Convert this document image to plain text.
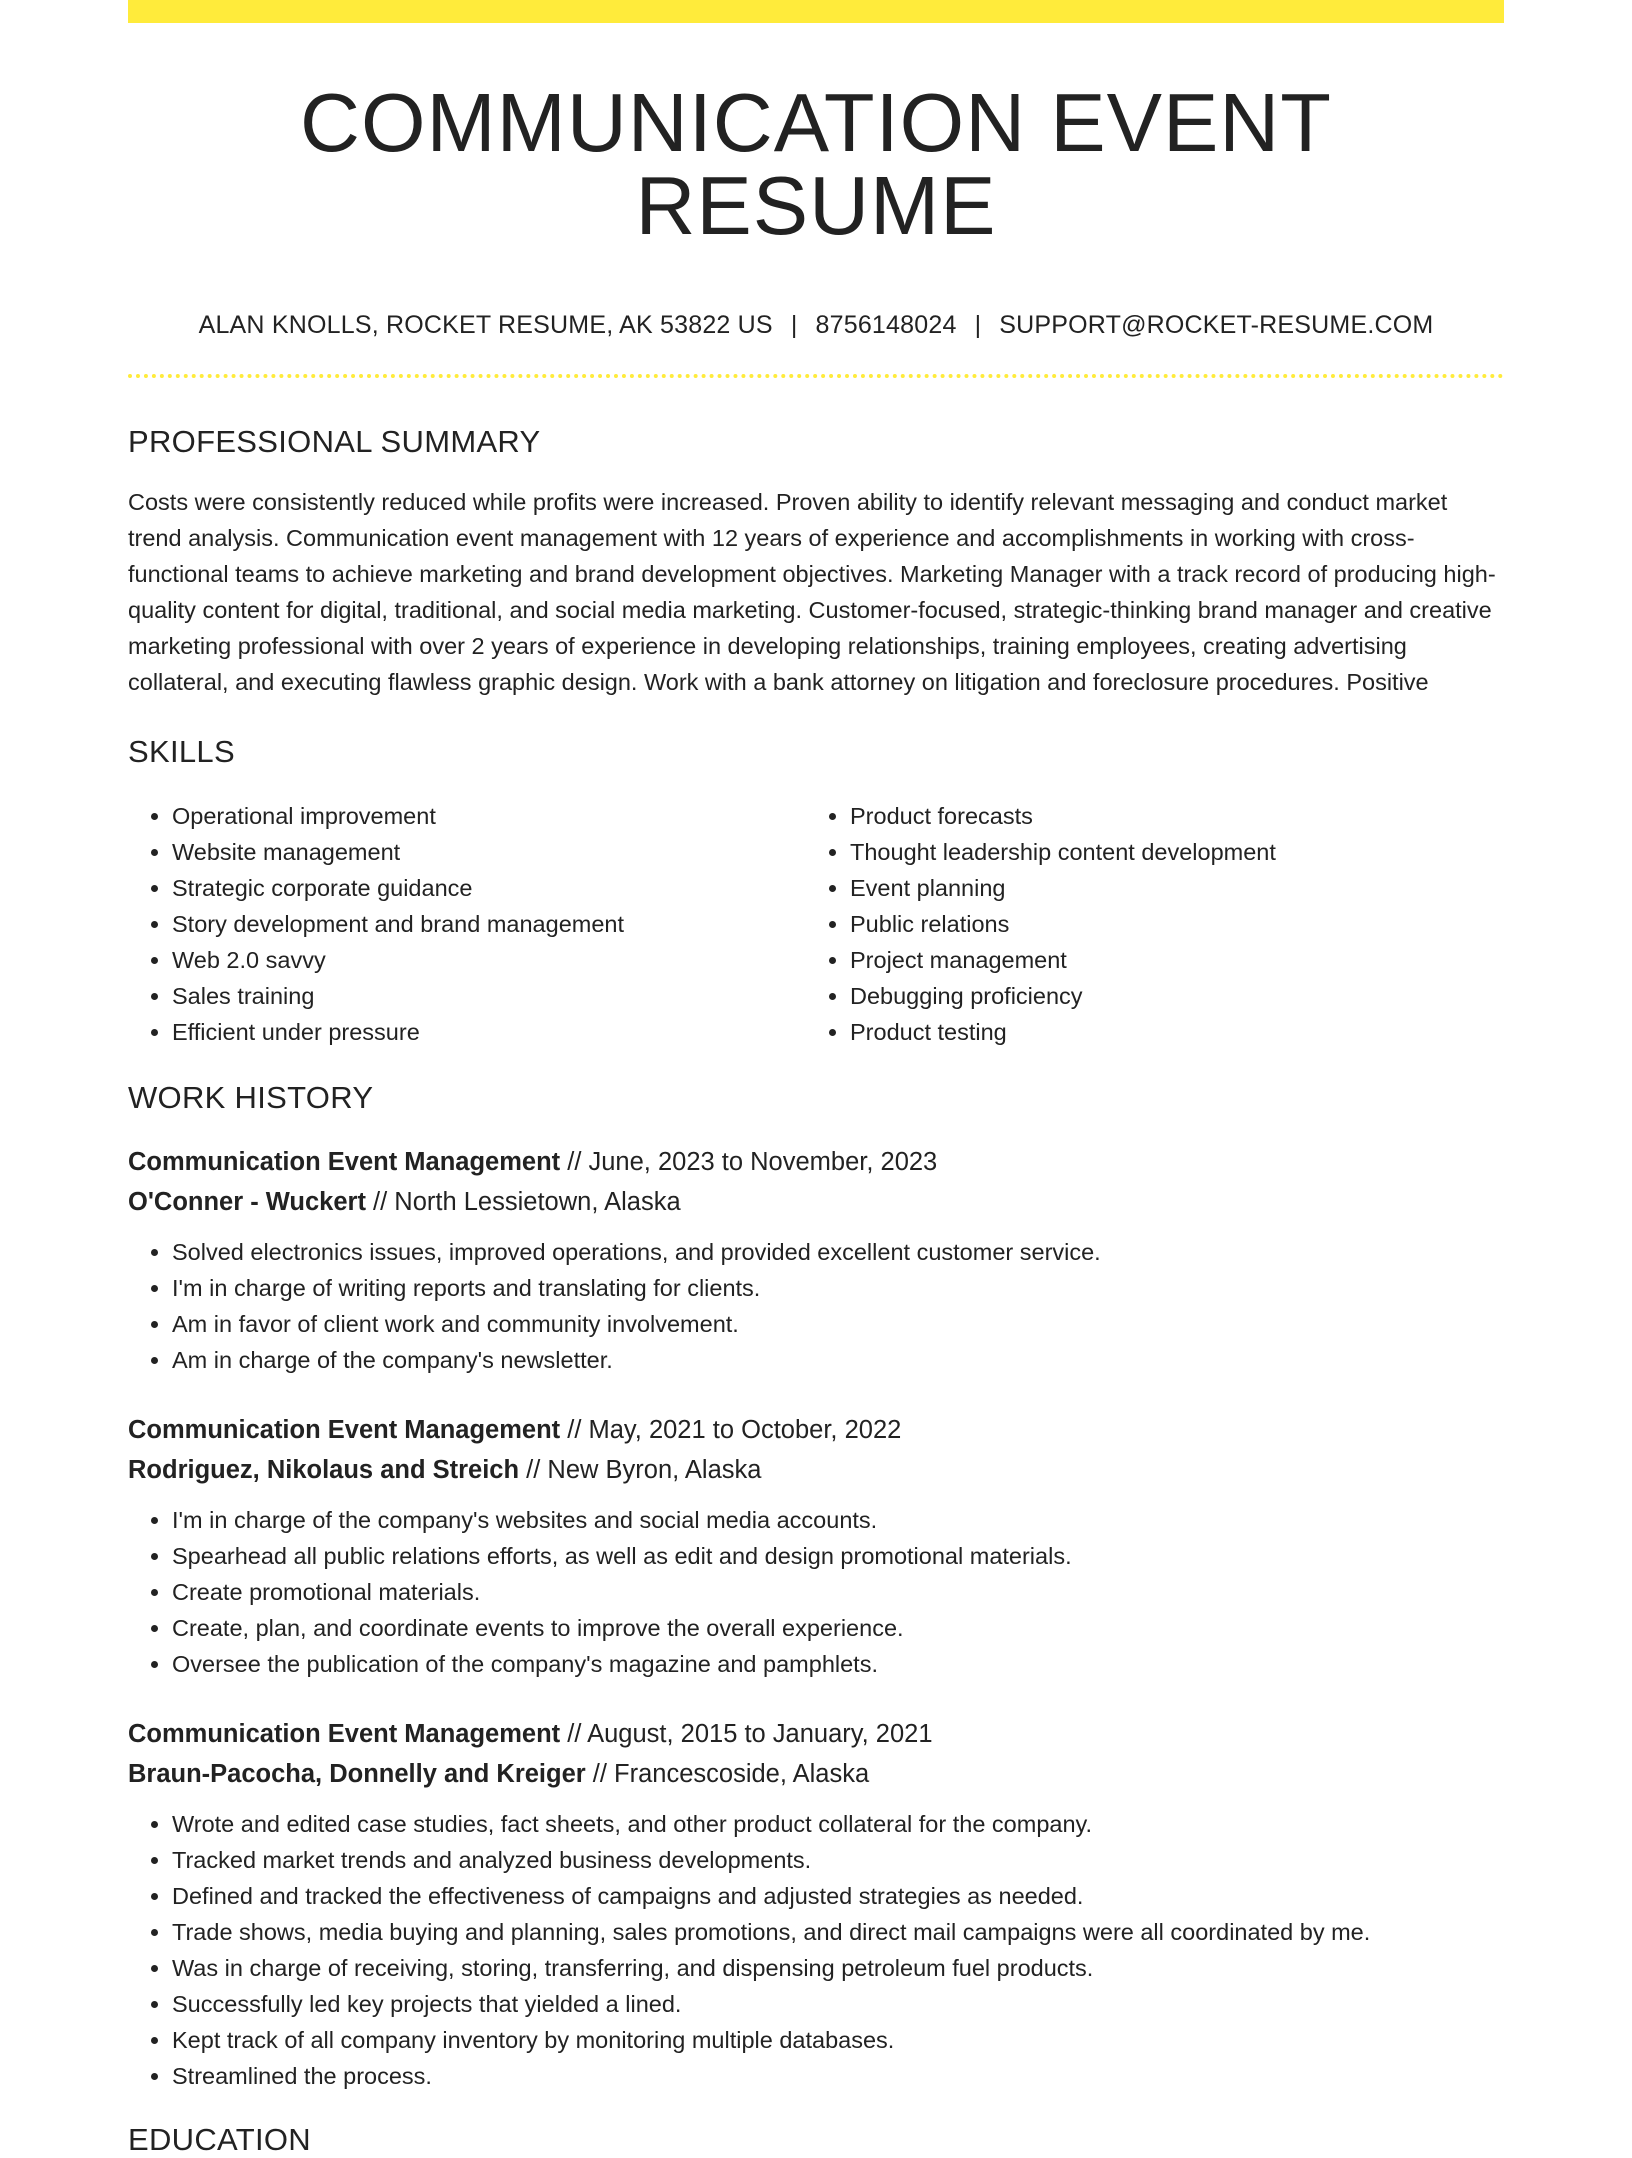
COMMUNICATION EVENT RESUME
ALAN KNOLLS, ROCKET RESUME, AK 53822 US | 8756148024 | SUPPORT@ROCKET-RESUME.COM
PROFESSIONAL SUMMARY
Costs were consistently reduced while profits were increased. Proven ability to identify relevant messaging and conduct market trend analysis. Communication event management with 12 years of experience and accomplishments in working with cross-functional teams to achieve marketing and brand development objectives. Marketing Manager with a track record of producing high-quality content for digital, traditional, and social media marketing. Customer-focused, strategic-thinking brand manager and creative marketing professional with over 2 years of experience in developing relationships, training employees, creating advertising collateral, and executing flawless graphic design. Work with a bank attorney on litigation and foreclosure procedures. Positive
SKILLS
• Operational improvement
• Website management
• Strategic corporate guidance
• Story development and brand management
• Web 2.0 savvy
• Sales training
• Efficient under pressure
• Product forecasts
• Thought leadership content development
• Event planning
• Public relations
• Project management
• Debugging proficiency
• Product testing
WORK HISTORY
Communication Event Management // June, 2023 to November, 2023
O'Conner - Wuckert // North Lessietown, Alaska
• Solved electronics issues, improved operations, and provided excellent customer service.
• I'm in charge of writing reports and translating for clients.
• Am in favor of client work and community involvement.
• Am in charge of the company's newsletter.
Communication Event Management // May, 2021 to October, 2022
Rodriguez, Nikolaus and Streich // New Byron, Alaska
• I'm in charge of the company's websites and social media accounts.
• Spearhead all public relations efforts, as well as edit and design promotional materials.
• Create promotional materials.
• Create, plan, and coordinate events to improve the overall experience.
• Oversee the publication of the company's magazine and pamphlets.
Communication Event Management // August, 2015 to January, 2021
Braun-Pacocha, Donnelly and Kreiger // Francescoside, Alaska
• Wrote and edited case studies, fact sheets, and other product collateral for the company.
• Tracked market trends and analyzed business developments.
• Defined and tracked the effectiveness of campaigns and adjusted strategies as needed.
• Trade shows, media buying and planning, sales promotions, and direct mail campaigns were all coordinated by me.
• Was in charge of receiving, storing, transferring, and dispensing petroleum fuel products.
• Successfully led key projects that yielded a lined.
• Kept track of all company inventory by monitoring multiple databases.
• Streamlined the process.
EDUCATION
